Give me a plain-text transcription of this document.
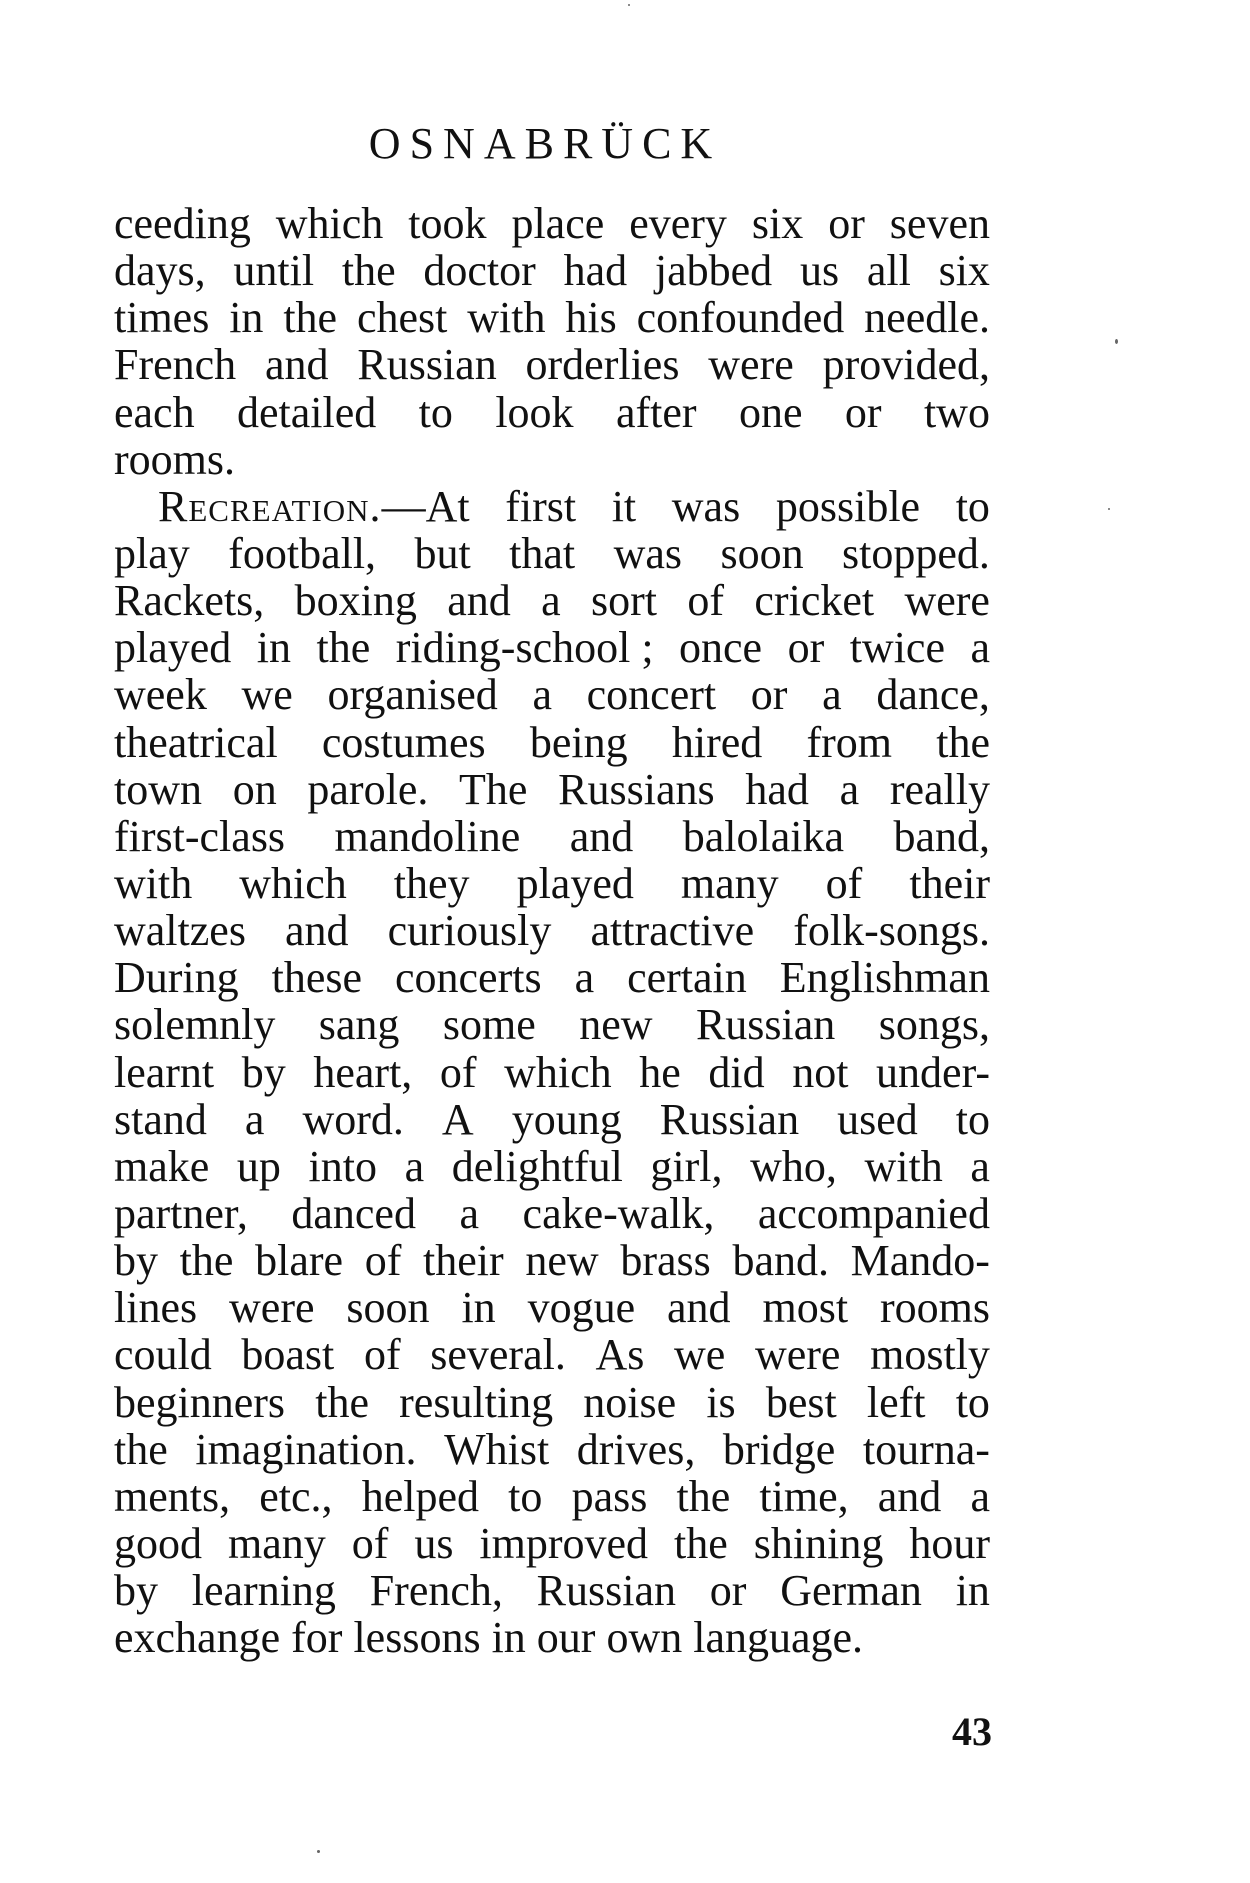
OSNABRÜCK
ceeding which took place every six or seven
days, until the doctor had jabbed us all six
times in the chest with his confounded needle.
French and Russian orderlies were provided,
each detailed to look after one or two
rooms.
Recreation.—At first it was possible to
play football, but that was soon stopped.
Rackets, boxing and a sort of cricket were
played in the riding-school ; once or twice a
week we organised a concert or a dance,
theatrical costumes being hired from the
town on parole. The Russians had a really
first-class mandoline and balolaika band,
with which they played many of their
waltzes and curiously attractive folk-songs.
During these concerts a certain Englishman
solemnly sang some new Russian songs,
learnt by heart, of which he did not under-
stand a word. A young Russian used to
make up into a delightful girl, who, with a
partner, danced a cake-walk, accompanied
by the blare of their new brass band. Mando-
lines were soon in vogue and most rooms
could boast of several. As we were mostly
beginners the resulting noise is best left to
the imagination. Whist drives, bridge tourna-
ments, etc., helped to pass the time, and a
good many of us improved the shining hour
by learning French, Russian or German in
exchange for lessons in our own language.
43
